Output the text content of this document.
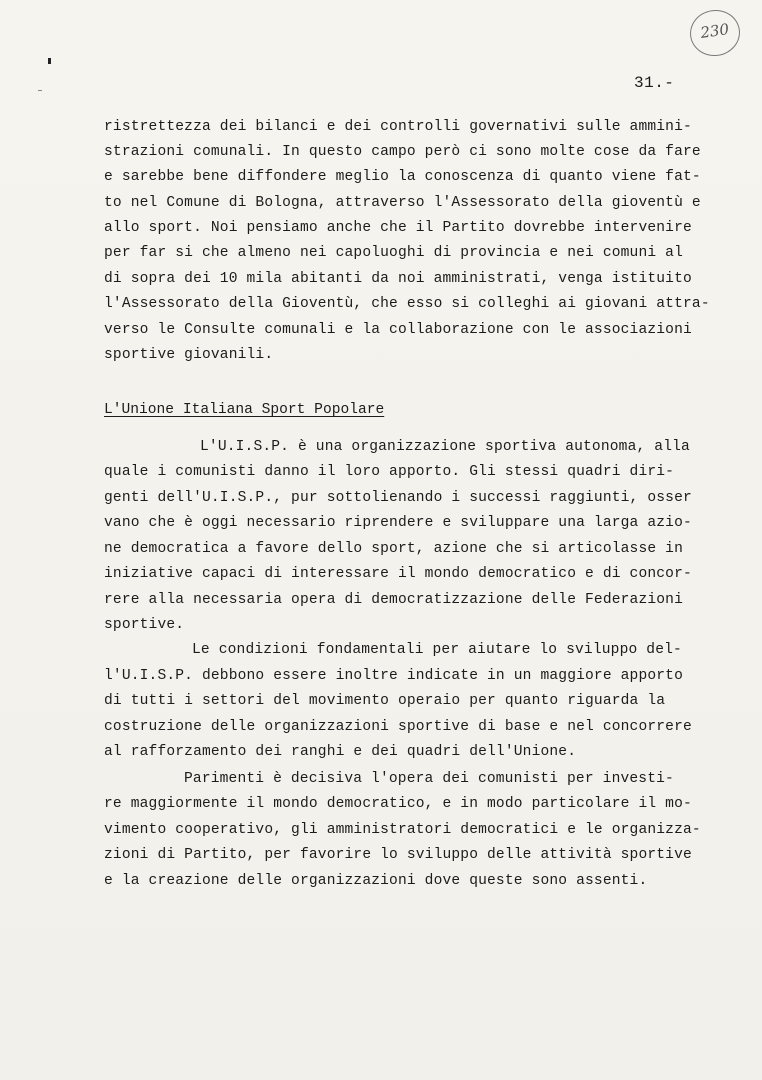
230
31.-
ristrettezza dei bilanci e dei controlli governativi sulle ammini-
strazioni comunali. In questo campo però ci sono molte cose da fare
e sarebbe bene diffondere meglio la conoscenza di quanto viene fat-
to nel Comune di Bologna, attraverso l'Assessorato della gioventù e
allo sport. Noi pensiamo anche che il Partito dovrebbe intervenire
per far si che almeno nei capoluoghi di provincia e nei comuni al
di sopra dei 10 mila abitanti da noi amministrati, venga istituito
l'Assessorato della Gioventù, che esso si colleghi ai giovani attra-
verso le Consulte comunali e la collaborazione con le associazioni
sportive giovanili.
L'Unione Italiana Sport Popolare
L'U.I.S.P. è una organizzazione sportiva autonoma, alla
quale i comunisti danno il loro apporto. Gli stessi quadri diri-
genti dell'U.I.S.P., pur sottolienando i successi raggiunti, osser
vano che è oggi necessario riprendere e sviluppare una larga azio-
ne democratica a favore dello sport, azione che si articolasse in
iniziative capaci di interessare il mondo democratico e di concor-
rere alla necessaria opera di democratizzazione delle Federazioni
sportive.
Le condizioni fondamentali per aiutare lo sviluppo del-
l'U.I.S.P. debbono essere inoltre indicate in un maggiore apporto
di tutti i settori del movimento operaio per quanto riguarda la
costruzione delle organizzazioni sportive di base e nel concorrere
al rafforzamento dei ranghi e dei quadri dell'Unione.
Parimenti è decisiva l'opera dei comunisti per investi-
re maggiormente il mondo democratico, e in modo particolare il mo-
vimento cooperativo, gli amministratori democratici e le organizza-
zioni di Partito, per favorire lo sviluppo delle attività sportive
e la creazione delle organizzazioni dove queste sono assenti.
